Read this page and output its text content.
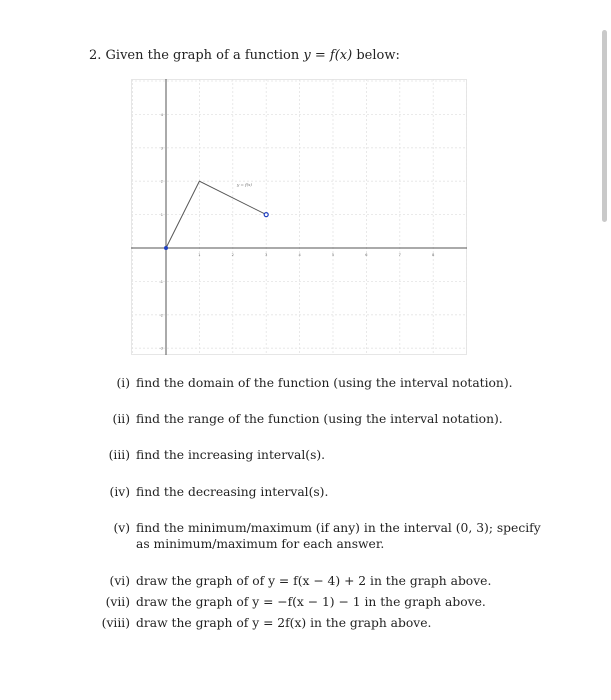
2. Given the graph of a function y = f(x) below:
1	2	3	4	5	6	7	8
4
3
2
1
-1
-2
-3
y = f(x)
(i) find the domain of the function (using the interval notation).
(ii) find the range of the function (using the interval notation).
(iii) find the increasing interval(s).
(iv) find the decreasing interval(s).
(v) find the minimum/maximum (if any) in the interval (0, 3); specify
as minimum/maximum for each answer.
(vi) draw the graph of of y = f(x − 4) + 2 in the graph above.
(vii) draw the graph of y = −f(x − 1) − 1 in the graph above.
(viii) draw the graph of y = 2f(x) in the graph above.
